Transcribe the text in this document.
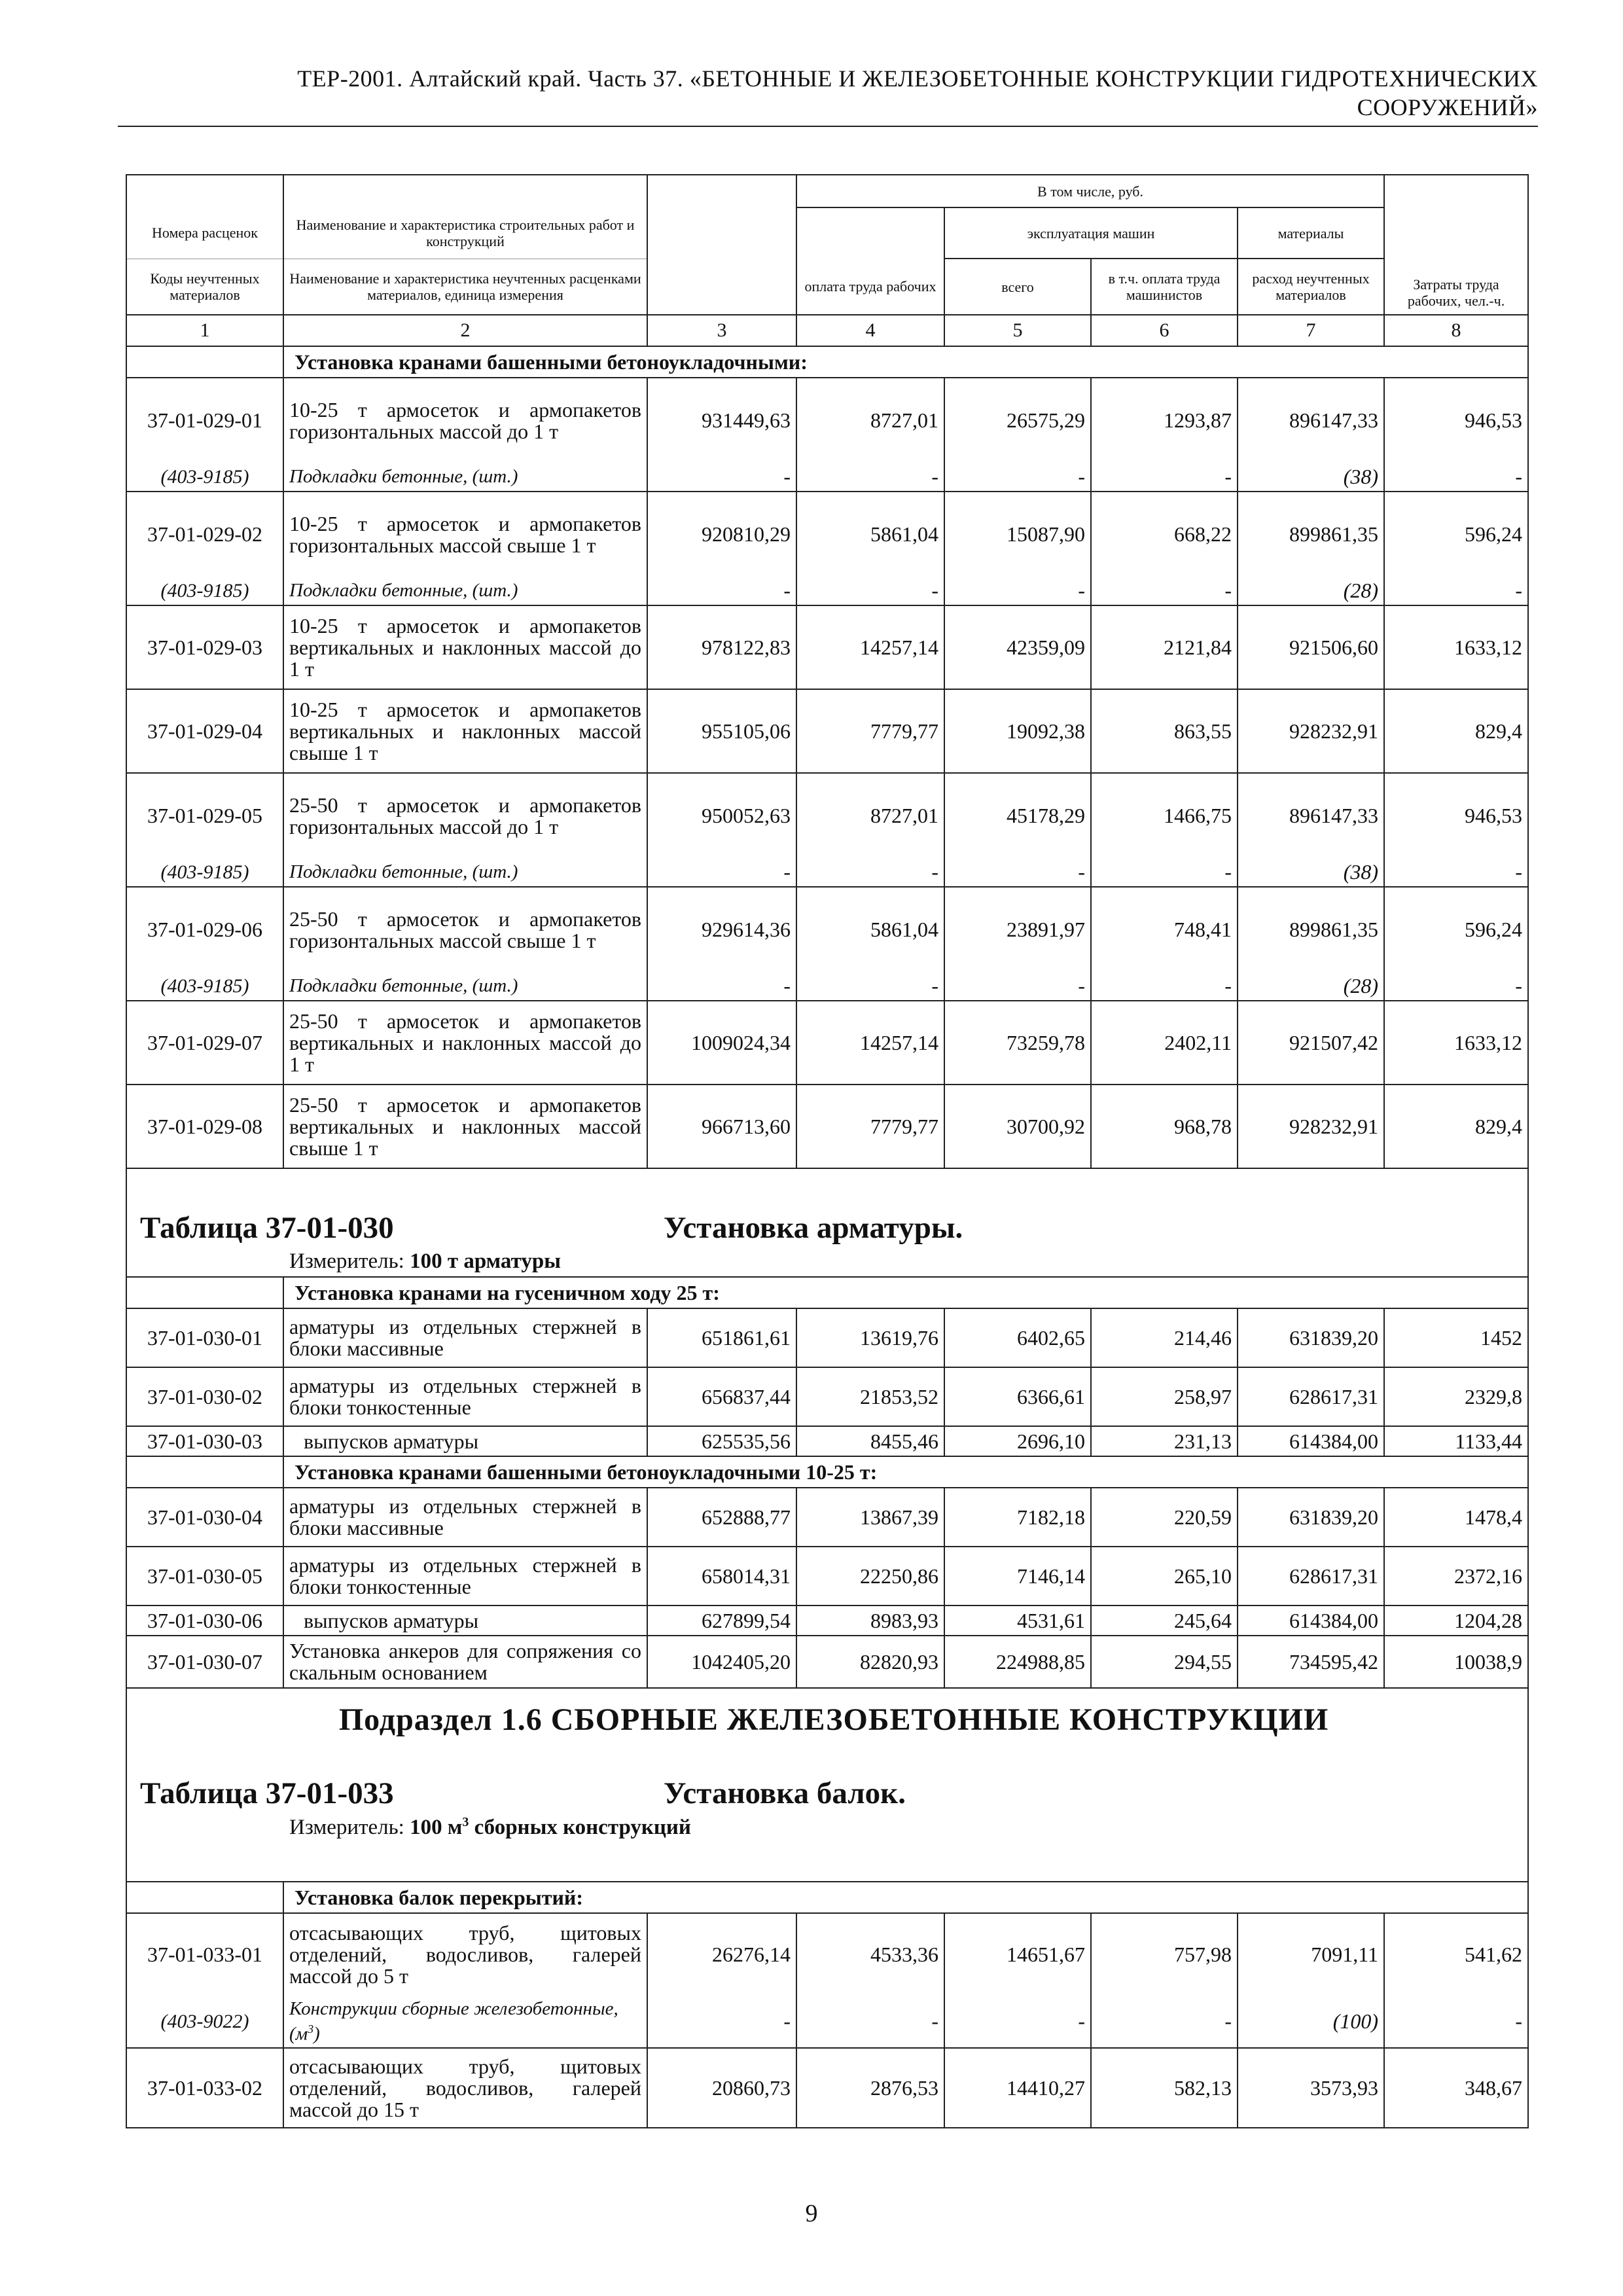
ТЕР-2001. Алтайский край. Часть 37. «БЕТОННЫЕ И ЖЕЛЕЗОБЕТОННЫЕ КОНСТРУКЦИИ ГИДРОТЕХНИЧЕСКИХ
СООРУЖЕНИЙ»
			В том числе, руб.				Затраты труда рабочих, чел.-ч.
Номера расценок	Наименование и характеристика строительных работ и конструкций			эксплуатация машин		материалы	
Коды неучтенных материалов	Наименование и характеристика неучтенных расценками материалов, единица измерения		оплата труда рабочих	всего	в т.ч. оплата труда машинистов	расход неучтенных материалов	
1	2	3	4	5	6	7	8
	Установка кранами башенными бетоноукладочными:						
37-01-029-01	10-25 т армосеток и армопакетов горизонтальных массой до 1 т	931449,63	8727,01	26575,29	1293,87	896147,33	946,53
(403-9185)	Подкладки бетонные, (шт.)	-	-	-	-	(38)	-
37-01-029-02	10-25 т армосеток и армопакетов горизонтальных массой свыше 1 т	920810,29	5861,04	15087,90	668,22	899861,35	596,24
(403-9185)	Подкладки бетонные, (шт.)	-	-	-	-	(28)	-
37-01-029-03	10-25 т армосеток и армопакетов вертикальных и наклонных массой до 1 т	978122,83	14257,14	42359,09	2121,84	921506,60	1633,12
37-01-029-04	10-25 т армосеток и армопакетов вертикальных и наклонных массой свыше 1 т	955105,06	7779,77	19092,38	863,55	928232,91	829,4
37-01-029-05	25-50 т армосеток и армопакетов горизонтальных массой до 1 т	950052,63	8727,01	45178,29	1466,75	896147,33	946,53
(403-9185)	Подкладки бетонные, (шт.)	-	-	-	-	(38)	-
37-01-029-06	25-50 т армосеток и армопакетов горизонтальных массой свыше 1 т	929614,36	5861,04	23891,97	748,41	899861,35	596,24
(403-9185)	Подкладки бетонные, (шт.)	-	-	-	-	(28)	-
37-01-029-07	25-50 т армосеток и армопакетов вертикальных и наклонных массой до 1 т	1009024,34	14257,14	73259,78	2402,11	921507,42	1633,12
37-01-029-08	25-50 т армосеток и армопакетов вертикальных и наклонных массой свыше 1 т	966713,60	7779,77	30700,92	968,78	928232,91	829,4

Таблица 37-01-030 Установка арматуры.
Измеритель: 100 т арматуры							

	Установка кранами на гусеничном ходу 25 т:						
37-01-030-01	арматуры из отдельных стержней в блоки массивные	651861,61	13619,76	6402,65	214,46	631839,20	1452
37-01-030-02	арматуры из отдельных стержней в блоки тонкостенные	656837,44	21853,52	6366,61	258,97	628617,31	2329,8
37-01-030-03	выпусков арматуры	625535,56	8455,46	2696,10	231,13	614384,00	1133,44
	Установка кранами башенными бетоноукладочными 10-25 т:						
37-01-030-04	арматуры из отдельных стержней в блоки массивные	652888,77	13867,39	7182,18	220,59	631839,20	1478,4
37-01-030-05	арматуры из отдельных стержней в блоки тонкостенные	658014,31	22250,86	7146,14	265,10	628617,31	2372,16
37-01-030-06	выпусков арматуры	627899,54	8983,93	4531,61	245,64	614384,00	1204,28
37-01-030-07	Установка анкеров для сопряжения со скальным основанием	1042405,20	82820,93	224988,85	294,55	734595,42	10038,9

Подраздел 1.6 СБОРНЫЕ ЖЕЛЕЗОБЕТОННЫЕ КОНСТРУКЦИИ
Таблица 37-01-033 Установка балок.
Измеритель: 100 $м^3$ сборных конструкций							

	Установка балок перекрытий:						
37-01-033-01	отсасывающих труб, щитовых отделений, водосливов, галерей массой до 5 т	26276,14	4533,36	14651,67	757,98	7091,11	541,62
(403-9022)	Конструкции сборные железобетонные, $(м^3)$	-	-	-	-	(100)	-
37-01-033-02	отсасывающих труб, щитовых отделений, водосливов, галерей массой до 15 т	20860,73	2876,53	14410,27	582,13	3573,93	348,67
9
